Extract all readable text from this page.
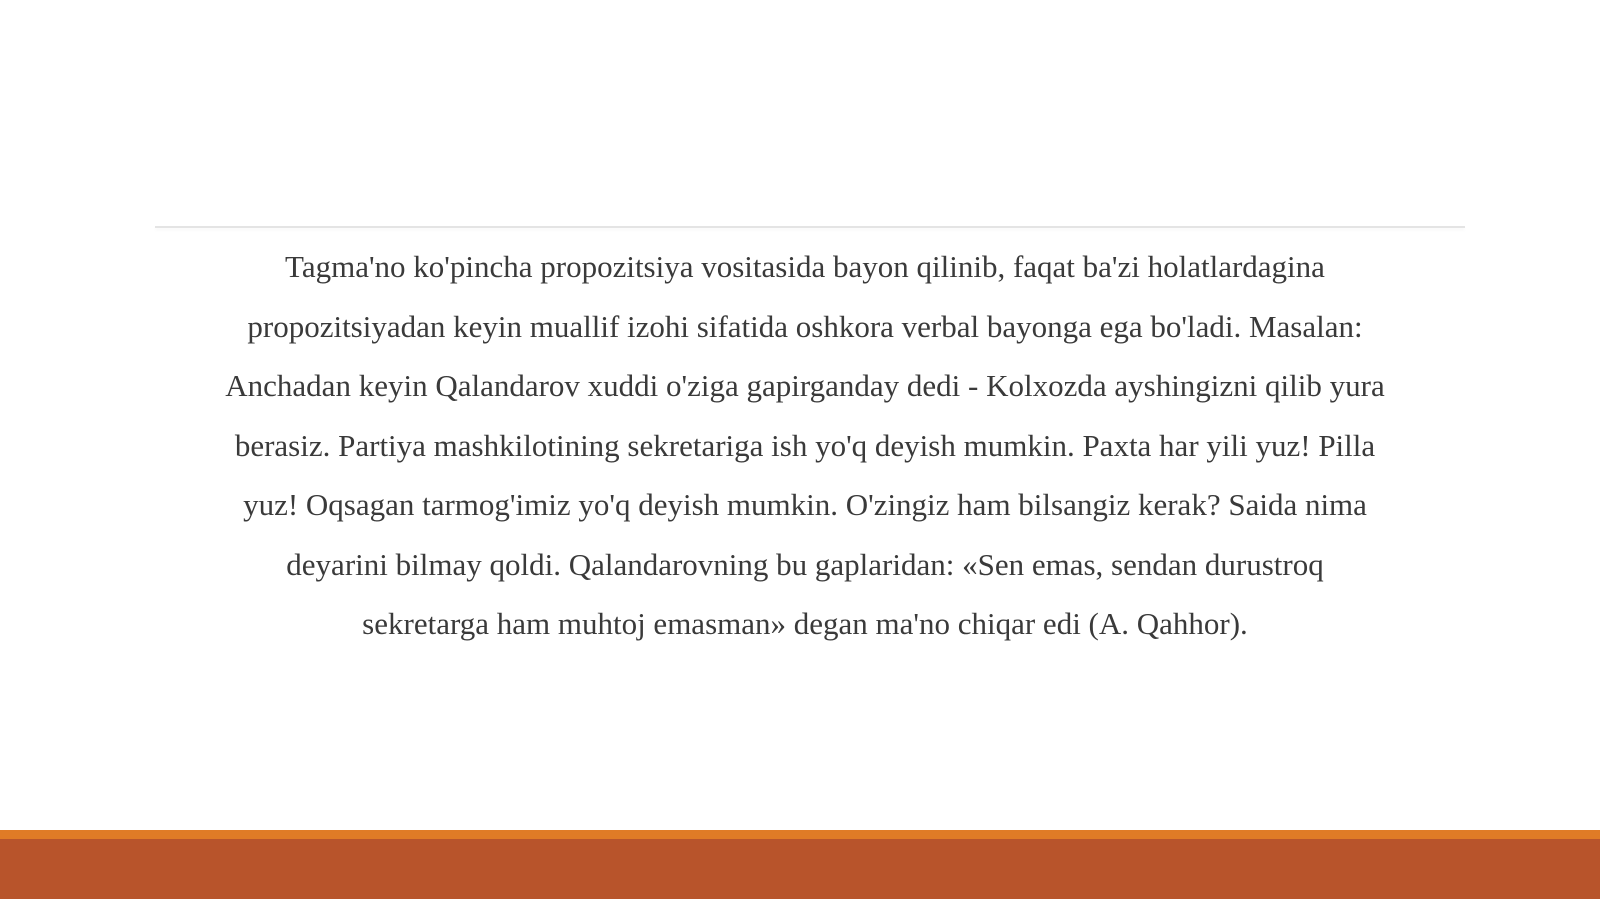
Tagma'no ko'pincha propozitsiya vositasida bayon qilinib, faqat ba'zi holatlardagina propozitsiyadan keyin muallif izohi sifatida oshkora verbal bayonga ega bo'ladi. Masalan: Anchadan keyin Qalandarov xuddi o'ziga gapirganday dedi - Kolxozda ayshingizni qilib yura berasiz. Partiya mashkilotining sekretariga ish yo'q deyish mumkin. Paxta har yili yuz! Pilla yuz! Oqsagan tarmog'imiz yo'q deyish mumkin. O'zingiz ham bilsangiz kerak? Saida nima deyarini bilmay qoldi. Qalandarovning bu gaplaridan: «Sen emas, sendan durustroq sekretarga ham muhtoj emasman» degan ma'no chiqar edi (A. Qahhor).
